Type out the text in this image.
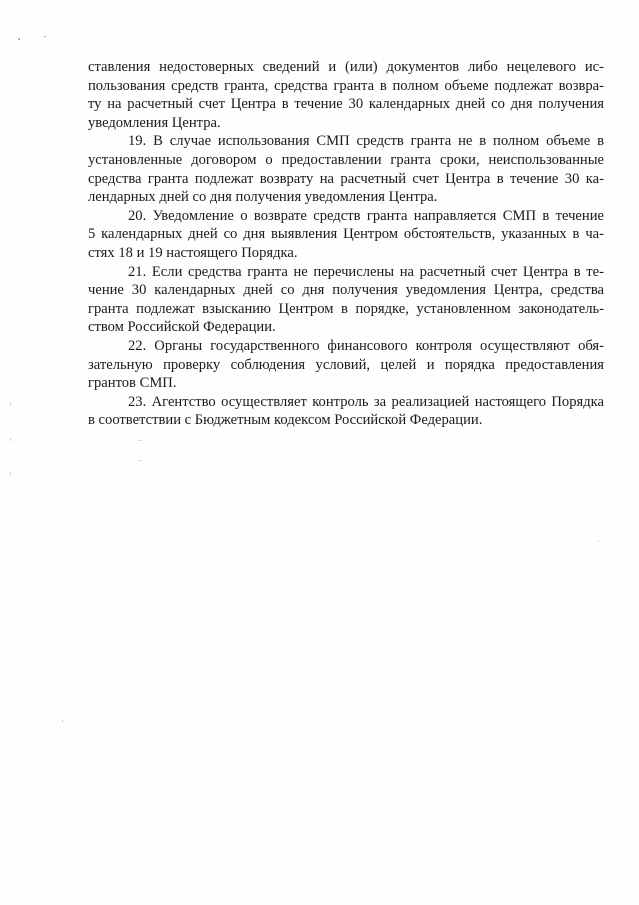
ставления недостоверных сведений и (или) документов либо нецелевого ис-
пользования средств гранта, средства гранта в полном объеме подлежат возвра-
ту на расчетный счет Центра в течение 30 календарных дней со дня получения
уведомления Центра.

19. В случае использования СМП средств гранта не в полном объеме в
установленные договором о предоставлении гранта сроки, неиспользованные
средства гранта подлежат возврату на расчетный счет Центра в течение 30 ка-
лендарных дней со дня получения уведомления Центра.

20. Уведомление о возврате средств гранта направляется СМП в течение
5 календарных дней со дня выявления Центром обстоятельств, указанных в ча-
стях 18 и 19 настоящего Порядка.

21. Если средства гранта не перечислены на расчетный счет Центра в те-
чение 30 календарных дней со дня получения уведомления Центра, средства
гранта подлежат взысканию Центром в порядке, установленном законодатель-
ством Российской Федерации.

22. Органы государственного финансового контроля осуществляют обя-
зательную проверку соблюдения условий, целей и порядка предоставления
грантов СМП.

23. Агентство осуществляет контроль за реализацией настоящего Порядка
в соответствии с Бюджетным кодексом Российской Федерации.
